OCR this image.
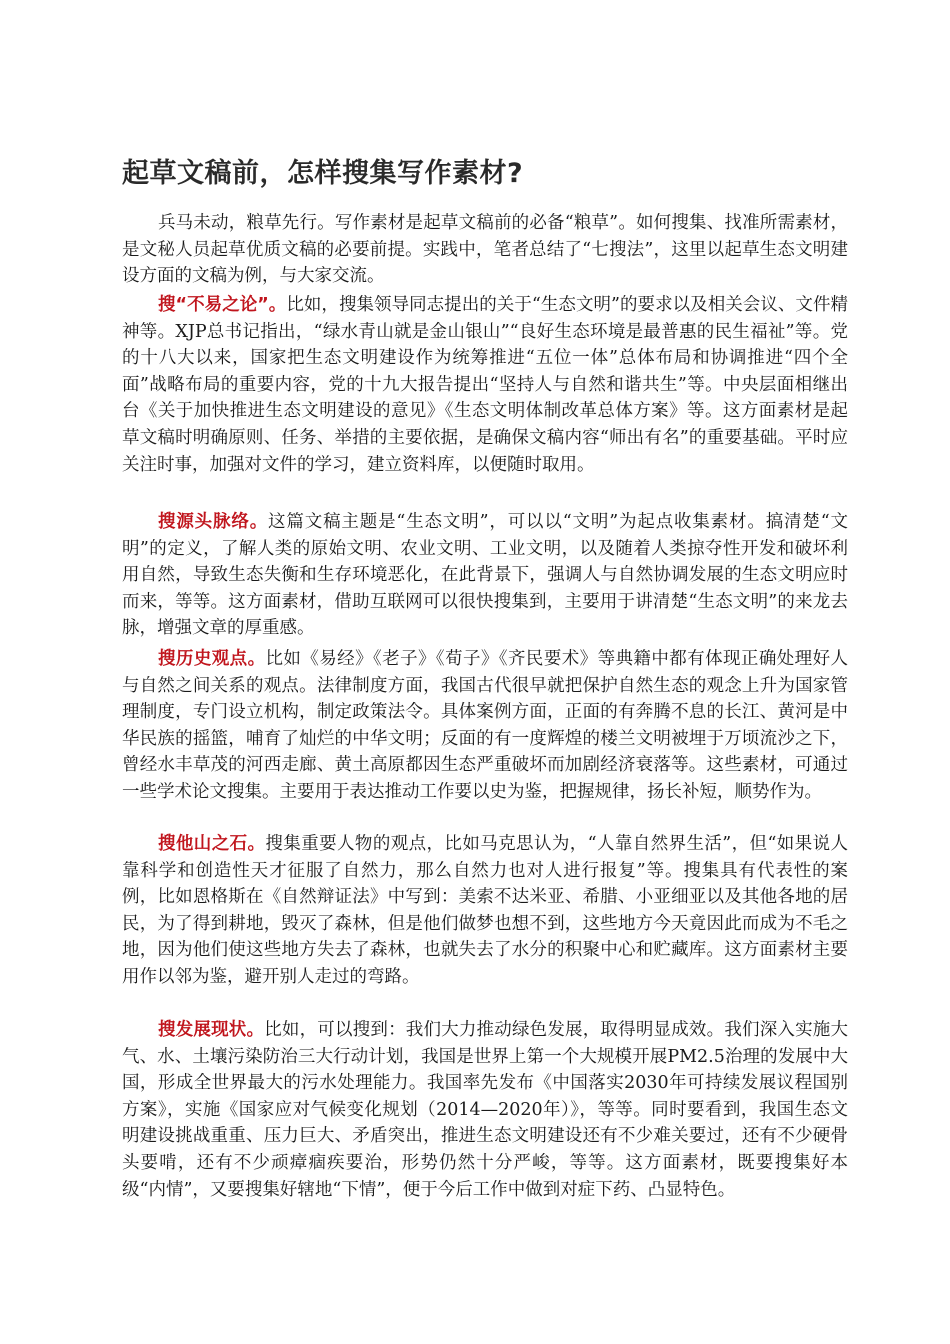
起草文稿前，怎样搜集写作素材?

兵马未动，粮草先行。写作素材是起草文稿前的必备“粮草”。如何搜集、找准所需素材，是文秘人员起草优质文稿的必要前提。实践中，笔者总结了“七搜法”，这里以起草生态文明建设方面的文稿为例，与大家交流。

搜“不易之论”。比如，搜集领导同志提出的关于“生态文明”的要求以及相关会议、文件精神等。XJP总书记指出，“绿水青山就是金山银山”“良好生态环境是最普惠的民生福祉”等。党的十八大以来，国家把生态文明建设作为统筹推进“五位一体”总体布局和协调推进“四个全面”战略布局的重要内容，党的十九大报告提出“坚持人与自然和谐共生”等。中央层面相继出台《关于加快推进生态文明建设的意见》《生态文明体制改革总体方案》等。这方面素材是起草文稿时明确原则、任务、举措的主要依据，是确保文稿内容“师出有名”的重要基础。平时应关注时事，加强对文件的学习，建立资料库，以便随时取用。

搜源头脉络。这篇文稿主题是“生态文明”，可以以“文明”为起点收集素材。搞清楚“文明”的定义，了解人类的原始文明、农业文明、工业文明，以及随着人类掠夺性开发和破坏利用自然，导致生态失衡和生存环境恶化，在此背景下，强调人与自然协调发展的生态文明应时而来，等等。这方面素材，借助互联网可以很快搜集到，主要用于讲清楚“生态文明”的来龙去脉，增强文章的厚重感。

搜历史观点。比如《易经》《老子》《荀子》《齐民要术》等典籍中都有体现正确处理好人与自然之间关系的观点。法律制度方面，我国古代很早就把保护自然生态的观念上升为国家管理制度，专门设立机构，制定政策法令。具体案例方面，正面的有奔腾不息的长江、黄河是中华民族的摇篮，哺育了灿烂的中华文明；反面的有一度辉煌的楼兰文明被埋于万顷流沙之下，曾经水丰草茂的河西走廊、黄土高原都因生态严重破坏而加剧经济衰落等。这些素材，可通过一些学术论文搜集。主要用于表达推动工作要以史为鉴，把握规律，扬长补短，顺势作为。

搜他山之石。搜集重要人物的观点，比如马克思认为，“人靠自然界生活”，但“如果说人靠科学和创造性天才征服了自然力，那么自然力也对人进行报复”等。搜集具有代表性的案例，比如恩格斯在《自然辩证法》中写到：美索不达米亚、希腊、小亚细亚以及其他各地的居民，为了得到耕地，毁灭了森林，但是他们做梦也想不到，这些地方今天竟因此而成为不毛之地，因为他们使这些地方失去了森林，也就失去了水分的积聚中心和贮藏库。这方面素材主要用作以邻为鉴，避开别人走过的弯路。

搜发展现状。比如，可以搜到：我们大力推动绿色发展，取得明显成效。我们深入实施大气、水、土壤污染防治三大行动计划，我国是世界上第一个大规模开展PM2.5治理的发展中大国，形成全世界最大的污水处理能力。我国率先发布《中国落实2030年可持续发展议程国别方案》，实施《国家应对气候变化规划（2014—2020年）》，等等。同时要看到，我国生态文明建设挑战重重、压力巨大、矛盾突出，推进生态文明建设还有不少难关要过，还有不少硬骨头要啃，还有不少顽瘴痼疾要治，形势仍然十分严峻，等等。这方面素材，既要搜集好本级“内情”，又要搜集好辖地“下情”，便于今后工作中做到对症下药、凸显特色。
